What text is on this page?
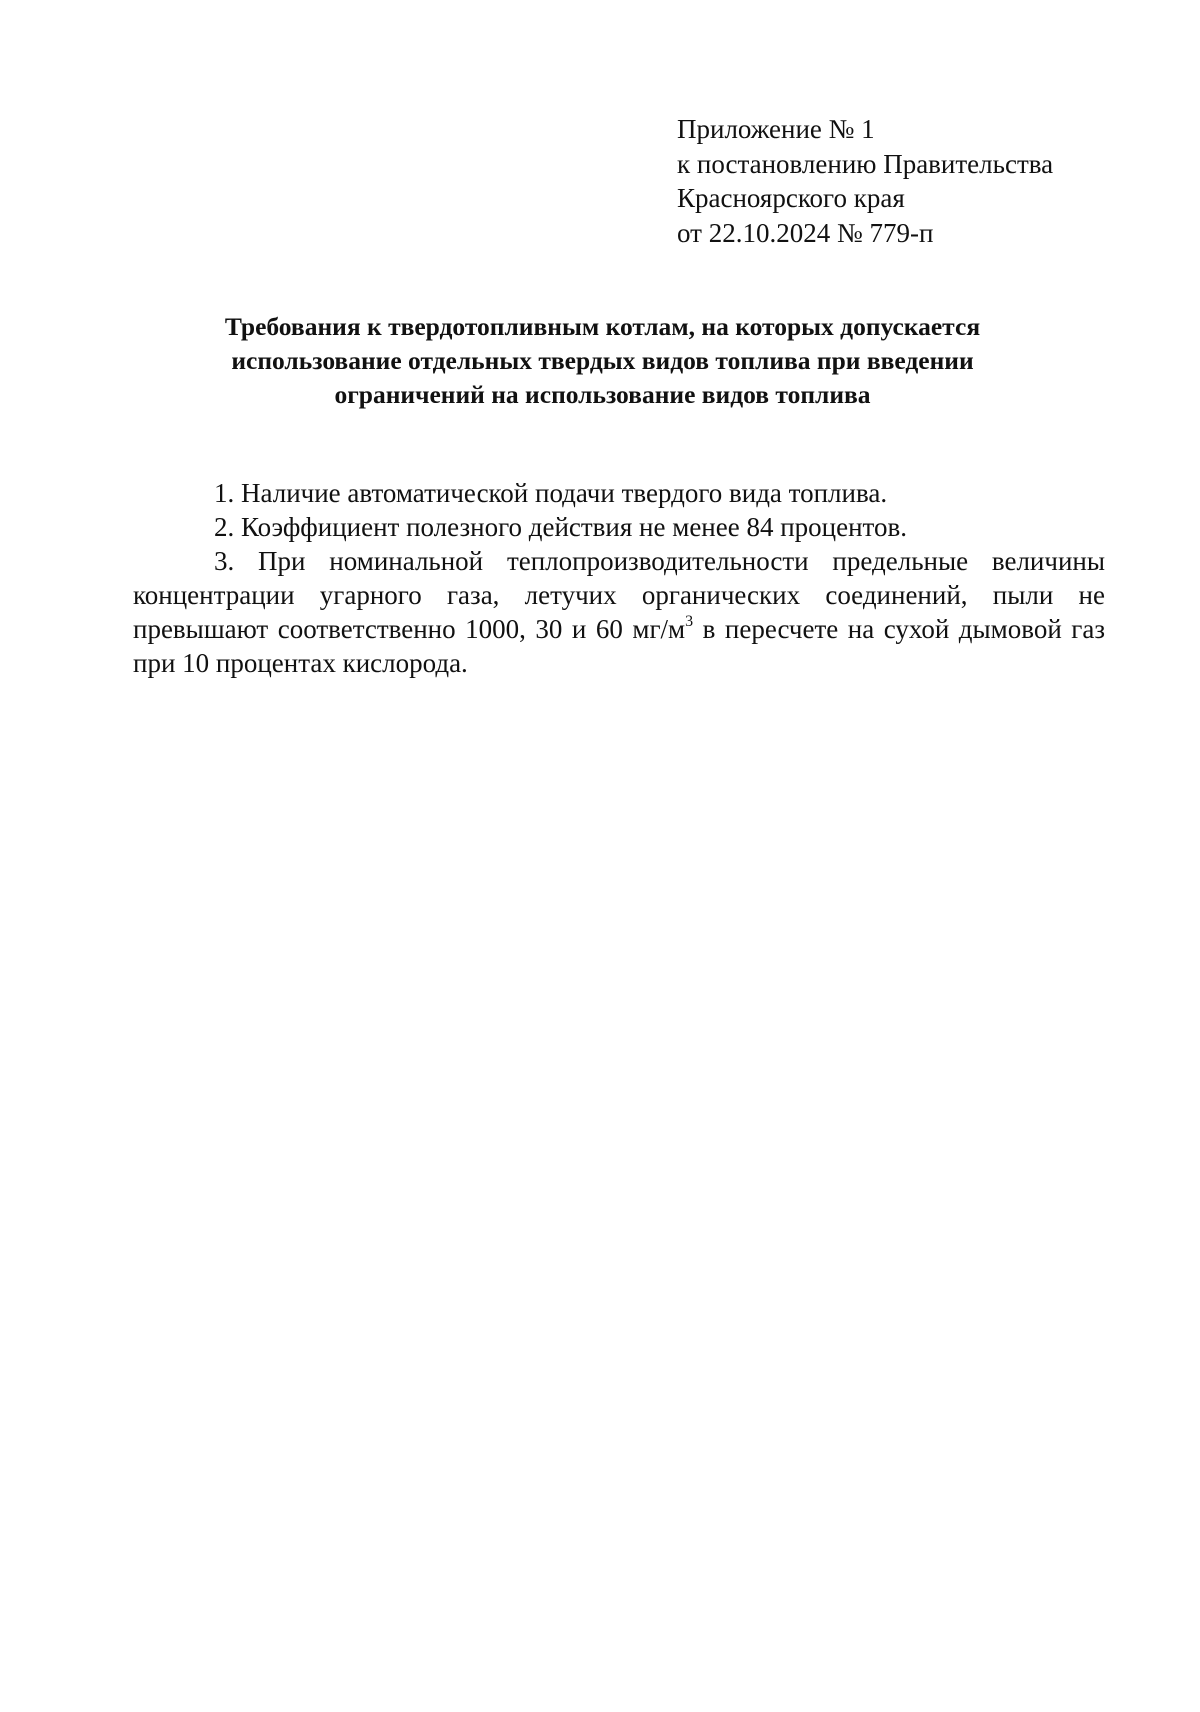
Приложение № 1
к постановлению Правительства
Красноярского края
от 22.10.2024 № 779-п
Требования к твердотопливным котлам, на которых допускается
использование отдельных твердых видов топлива при введении
ограничений на использование видов топлива

1. Наличие автоматической подачи твердого вида топлива.

2. Коэффициент полезного действия не менее 84 процентов.

3. При номинальной теплопроизводительности предельные величины концентрации угарного газа, летучих органических соединений, пыли не превышают соответственно 1000, 30 и 60 $мг/м^3$ в пересчете на сухой дымовой газ при 10 процентах кислорода.
